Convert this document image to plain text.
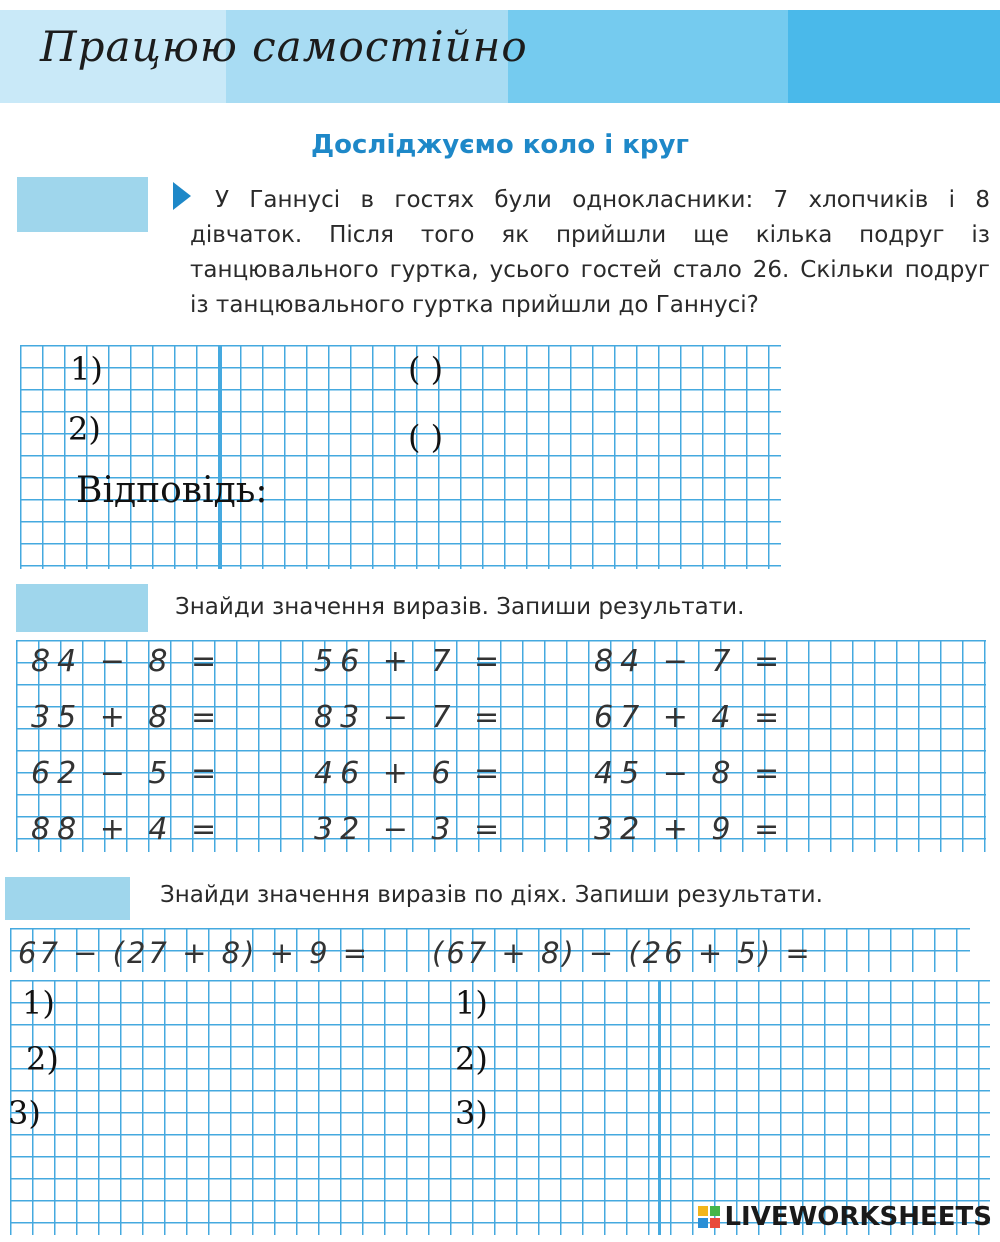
Працюю самостійно
Досліджуємо коло і круг
У Ганнусі в гостях були однокласники: 7 хлопчиків і 8 дівчаток. Після того як прийшли ще кілька подруг із танцювального гуртка, усього гостей стало 26. Скільки подруг із танцювального гуртка прийшли до Ганнусі?
1)
2)
( )
( )
Відповідь:
Знайди значення виразів. Запиши результати.
84 − 8 =
35 + 8 =
62 − 5 =
88 + 4 =
56 + 7 =
83 − 7 =
46 + 6 =
32 − 3 =
84 − 7 =
67 + 4 =
45 − 8 =
32 + 9 =
Знайди значення виразів по діях. Запиши результати.
67 − (27 + 8) + 9 = (67 + 8) − (26 + 5) =
1)
2)
3)
1)
2)
3)
LIVEWORKSHEETS
